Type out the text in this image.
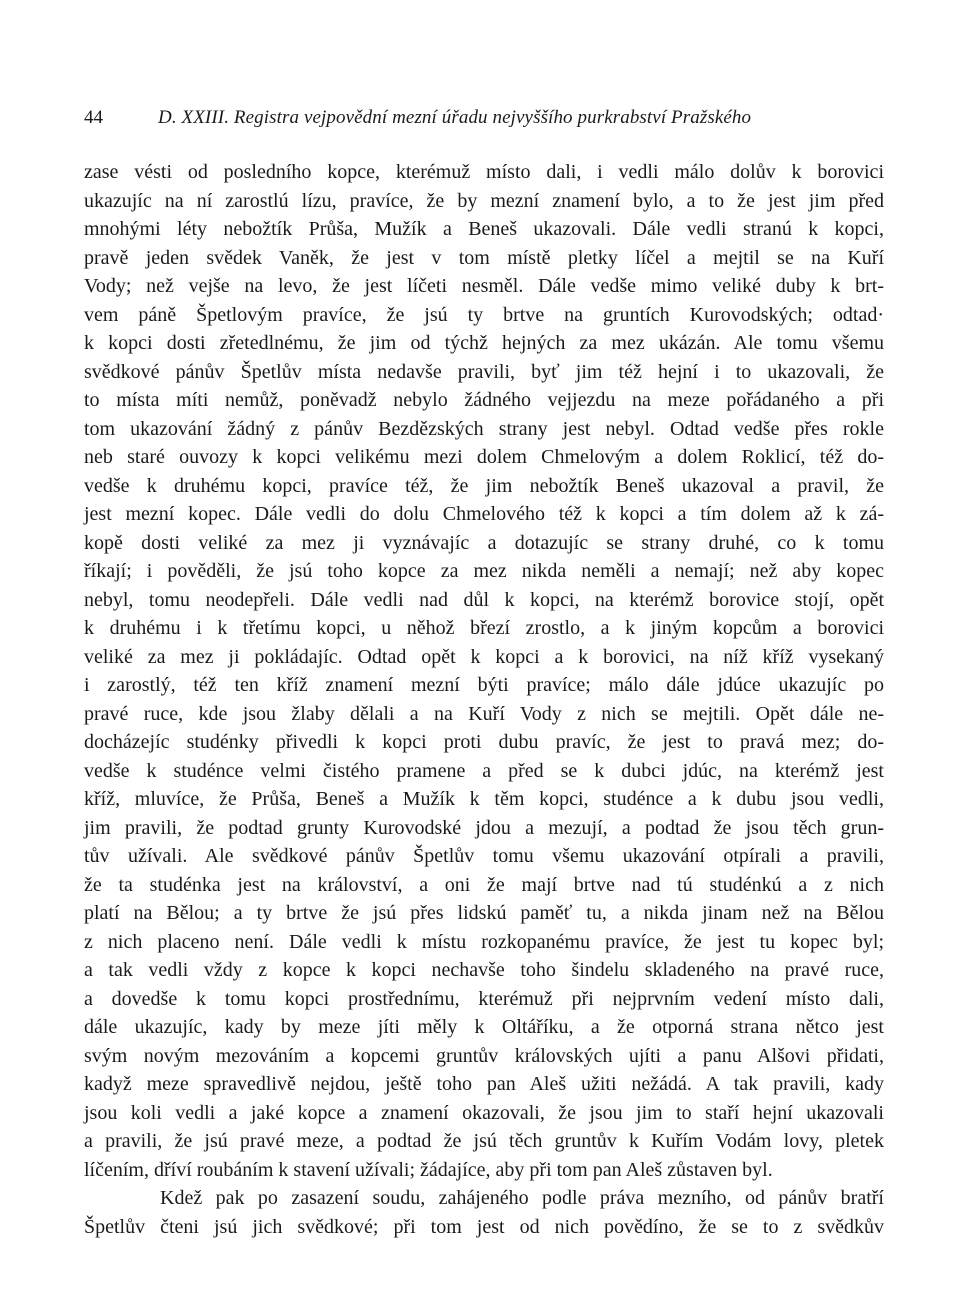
44	D. XXIII. Registra vejpovědní mezní úřadu nejvyššího purkrabství Pražského
zase vésti od posledního kopce, kterémuž místo dali, i vedli málo dolův k borovici
ukazujíc na ní zarostlú lízu, pravíce, že by mezní znamení bylo, a to že jest jim před
mnohými léty nebožtík Průša, Mužík a Beneš ukazovali. Dále vedli stranú k kopci,
pravě jeden svědek Vaněk, že jest v tom místě pletky líčel a mejtil se na Kuří
Vody; než vejše na levo, že jest líčeti nesměl. Dále vedše mimo veliké duby k brt-
vem páně Špetlovým pravíce, že jsú ty brtve na gruntích Kurovodských; odtad·
k kopci dosti zřetedlnému, že jim od týchž hejných za mez ukázán. Ale tomu všemu
svědkové pánův Špetlův místa nedavše pravili, byť jim též hejní i to ukazovali, že
to místa míti nemůž, poněvadž nebylo žádného vejjezdu na meze pořádaného a při
tom ukazování žádný z pánův Bezdězských strany jest nebyl. Odtad vedše přes rokle
neb staré ouvozy k kopci velikému mezi dolem Chmelovým a dolem Roklicí, též do-
vedše k druhému kopci, pravíce též, že jim nebožtík Beneš ukazoval a pravil, že
jest mezní kopec. Dále vedli do dolu Chmelového též k kopci a tím dolem až k zá-
kopě dosti veliké za mez ji vyznávajíc a dotazujíc se strany druhé, co k tomu
říkají; i pověděli, že jsú toho kopce za mez nikda neměli a nemají; než aby kopec
nebyl, tomu neodepřeli. Dále vedli nad důl k kopci, na kterémž borovice stojí, opět
k druhému i k třetímu kopci, u něhož březí zrostlo, a k jiným kopcům a borovici
veliké za mez ji pokládajíc. Odtad opět k kopci a k borovici, na níž kříž vysekaný
i zarostlý, též ten kříž znamení mezní býti pravíce; málo dále jdúce ukazujíc po
pravé ruce, kde jsou žlaby dělali a na Kuří Vody z nich se mejtili. Opět dále ne-
docházejíc studénky přivedli k kopci proti dubu pravíc, že jest to pravá mez; do-
vedše k studénce velmi čistého pramene a před se k dubci jdúc, na kterémž jest
kříž, mluvíce, že Průša, Beneš a Mužík k těm kopci, studénce a k dubu jsou vedli,
jim pravili, že podtad grunty Kurovodské jdou a mezují, a podtad že jsou těch grun-
tův užívali. Ale svědkové pánův Špetlův tomu všemu ukazování otpírali a pravili,
že ta studénka jest na království, a oni že mají brtve nad tú studénkú a z nich
platí na Bělou; a ty brtve že jsú přes lidskú paměť tu, a nikda jinam než na Bělou
z nich placeno není. Dále vedli k místu rozkopanému pravíce, že jest tu kopec byl;
a tak vedli vždy z kopce k kopci nechavše toho šindelu skladeného na pravé ruce,
a dovedše k tomu kopci prostřednímu, kterémuž při nejprvním vedení místo dali,
dále ukazujíc, kady by meze jíti měly k Oltáříku, a že otporná strana nětco jest
svým novým mezováním a kopcemi gruntův královských ujíti a panu Alšovi přidati,
kadyž meze spravedlivě nejdou, ještě toho pan Aleš užiti nežádá. A tak pravili, kady
jsou koli vedli a jaké kopce a znamení okazovali, že jsou jim to staří hejní ukazovali
a pravili, že jsú pravé meze, a podtad že jsú těch gruntův k Kuřím Vodám lovy, pletek
líčením, dříví roubáním k stavení užívali; žádajíce, aby při tom pan Aleš zůstaven byl.
Kdež pak po zasazení soudu, zahájeného podle práva mezního, od pánův bratří
Špetlův čteni jsú jich svědkové; při tom jest od nich povědíno, že se to z svědkův
